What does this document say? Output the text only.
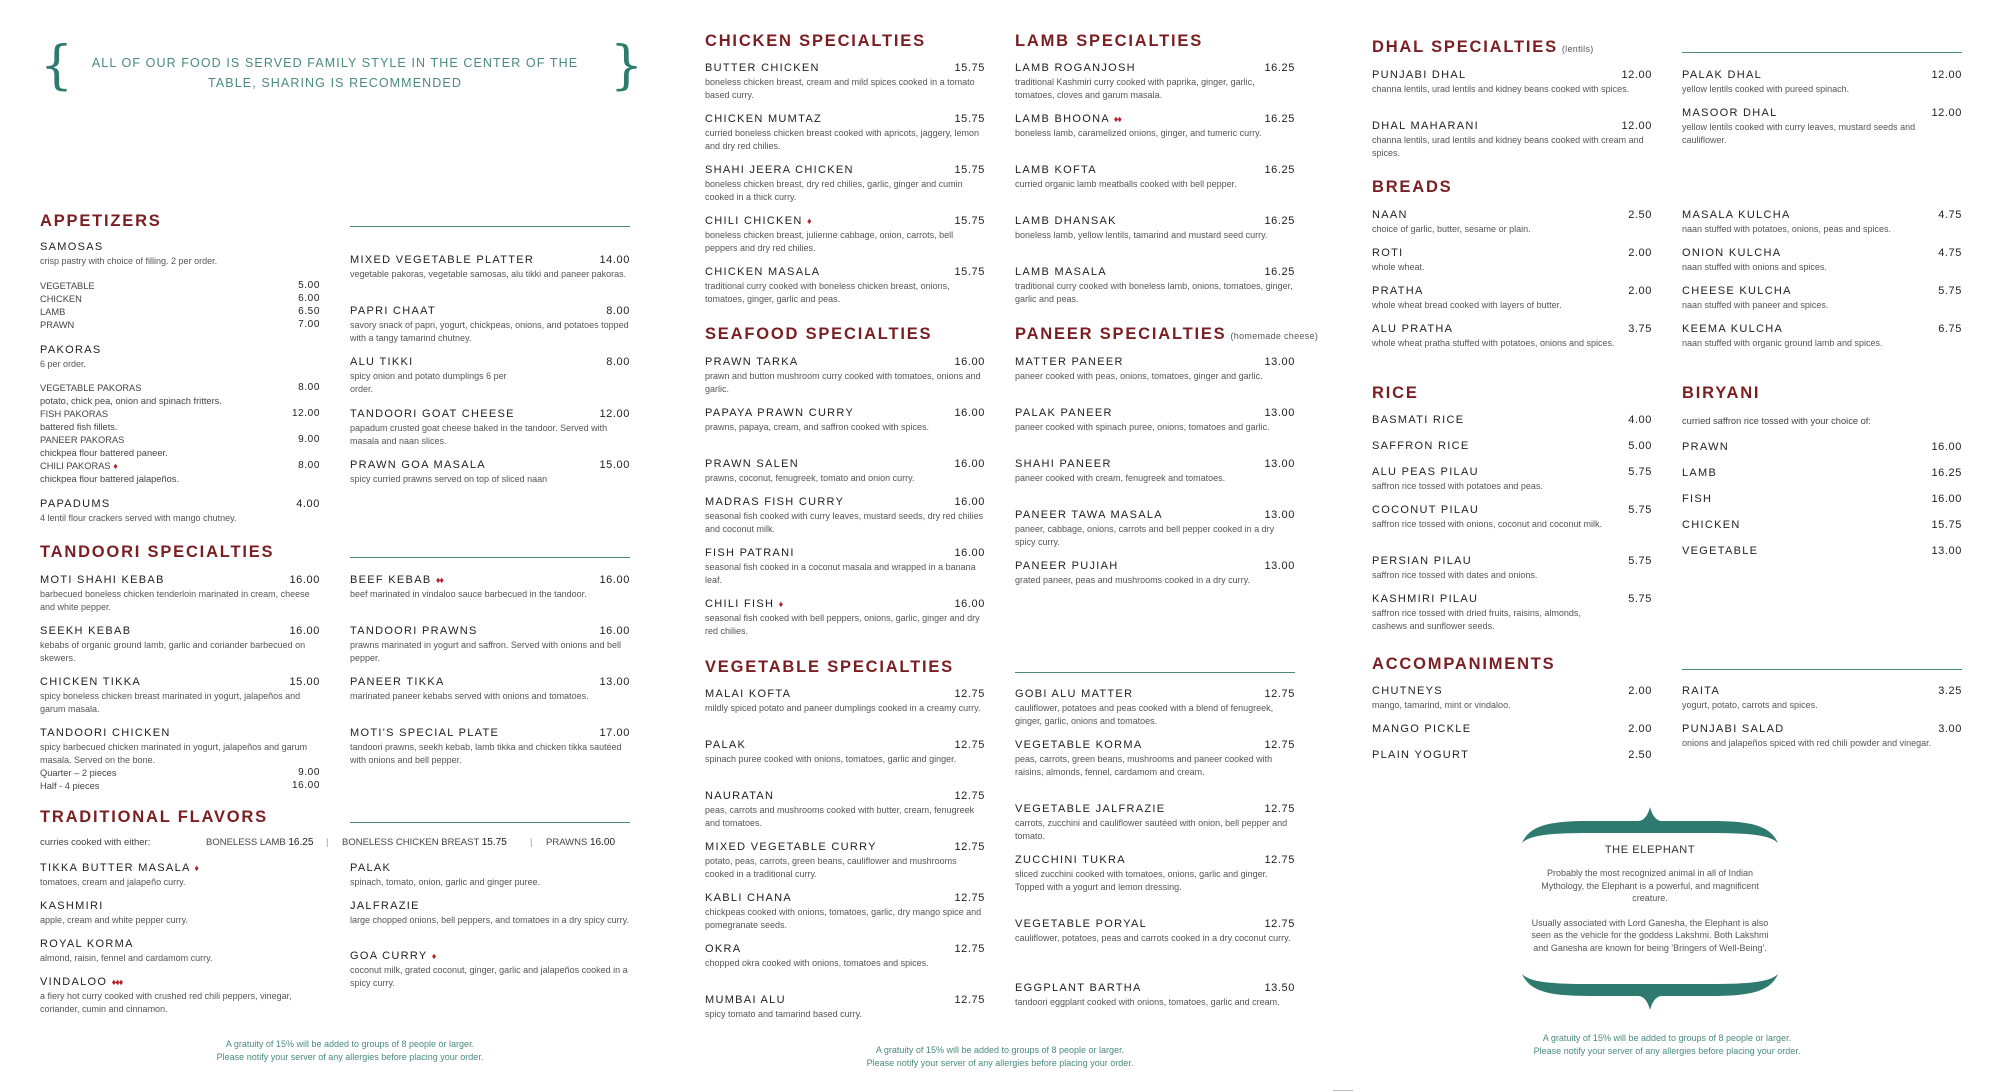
{	}
ALL OF OUR FOOD IS SERVED FAMILY STYLE IN THE CENTER OF THE TABLE, SHARING IS RECOMMENDED
APPETIZERS
SAMOSAS
crisp pastry with choice of filling. 2 per order.
VEGETABLE	5.00
CHICKEN	6.00
LAMB	6.50
PRAWN	7.00
PAKORAS
6 per order.
VEGETABLE PAKORAS	8.00
potato, chick pea, onion and spinach fritters.
FISH PAKORAS	12.00
battered fish fillets.
PANEER PAKORAS	9.00
chickpea flour battered paneer.
CHILI PAKORAS ♦	8.00
chickpea flour battered jalapeños.
PAPADUMS	4.00
4 lentil flour crackers served with mango chutney.
MIXED VEGETABLE PLATTER	14.00
vegetable pakoras, vegetable samosas, alu tikki and paneer pakoras.
PAPRI CHAAT	8.00
savory snack of papri, yogurt, chickpeas, onions, and potatoes topped with a tangy tamarind chutney.
ALU TIKKI	8.00
spicy onion and potato dumplings 6 per order.
TANDOORI GOAT CHEESE	12.00
papadum crusted goat cheese baked in the tandoor. Served with masala and naan slices.
PRAWN GOA MASALA	15.00
spicy curried prawns served on top of sliced naan
TANDOORI SPECIALTIES
MOTI SHAHI KEBAB	16.00
barbecued boneless chicken tenderloin marinated in cream, cheese and white pepper.
SEEKH KEBAB	16.00
kebabs of organic ground lamb, garlic and coriander barbecued on skewers.
CHICKEN TIKKA	15.00
spicy boneless chicken breast marinated in yogurt, jalapeños and garum masala.
TANDOORI CHICKEN
spicy barbecued chicken marinated in yogurt, jalapeños and garum masala. Served on the bone.
Quarter – 2 pieces	9.00
Half - 4 pieces	16.00
BEEF KEBAB ♦♦	16.00
beef marinated in vindaloo sauce barbecued in the tandoor.
TANDOORI PRAWNS	16.00
prawns marinated in yogurt and saffron. Served with onions and bell pepper.
PANEER TIKKA	13.00
marinated paneer kebabs served with onions and tomatoes.
MOTI'S SPECIAL PLATE	17.00
tandoori prawns, seekh kebab, lamb tikka and chicken tikka sautéed with onions and bell pepper.
TRADITIONAL FLAVORS
curries cooked with either:	BONELESS LAMB 16.25 | BONELESS CHICKEN BREAST 15.75 | PRAWNS 16.00
TIKKA BUTTER MASALA ♦
tomatoes, cream and jalapeño curry.
KASHMIRI
apple, cream and white pepper curry.
ROYAL KORMA
almond, raisin, fennel and cardamom curry.
VINDALOO ♦♦♦
a fiery hot curry cooked with crushed red chili peppers, vinegar, coriander, cumin and cinnamon.
PALAK
spinach, tomato, onion, garlic and ginger puree.
JALFRAZIE
large chopped onions, bell peppers, and tomatoes in a dry spicy curry.
GOA CURRY ♦
coconut milk, grated coconut, ginger, garlic and jalapeños cooked in a spicy curry.
A gratuity of 15% will be added to groups of 8 people or larger.
Please notify your server of any allergies before placing your order.
CHICKEN SPECIALTIES
BUTTER CHICKEN	15.75
boneless chicken breast, cream and mild spices cooked in a tomato based curry.
CHICKEN MUMTAZ	15.75
curried boneless chicken breast cooked with apricots, jaggery, lemon and dry red chilies.
SHAHI JEERA CHICKEN	15.75
boneless chicken breast, dry red chilies, garlic, ginger and cumin cooked in a thick curry.
CHILI CHICKEN ♦	15.75
boneless chicken breast, julienne cabbage, onion, carrots, bell peppers and dry red chilies.
CHICKEN MASALA	15.75
traditional curry cooked with boneless chicken breast, onions, tomatoes, ginger, garlic and peas.
LAMB SPECIALTIES
LAMB ROGANJOSH	16.25
traditional Kashmiri curry cooked with paprika, ginger, garlic, tomatoes, cloves and garum masala.
LAMB BHOONA ♦♦	16.25
boneless lamb, caramelized onions, ginger, and tumeric curry.
LAMB KOFTA	16.25
curried organic lamb meatballs cooked with bell pepper.
LAMB DHANSAK	16.25
boneless lamb, yellow lentils, tamarind and mustard seed curry.
LAMB MASALA	16.25
traditional curry cooked with boneless lamb, onions, tomatoes, ginger, garlic and peas.
SEAFOOD SPECIALTIES
PRAWN TARKA	16.00
prawn and button mushroom curry cooked with tomatoes, onions and garlic.
PAPAYA PRAWN CURRY	16.00
prawns, papaya, cream, and saffron cooked with spices.
PRAWN SALEN	16.00
prawns, coconut, fenugreek, tomato and onion curry.
MADRAS FISH CURRY	16.00
seasonal fish cooked with curry leaves, mustard seeds, dry red chilies and coconut milk.
FISH PATRANI	16.00
seasonal fish cooked in a coconut masala and wrapped in a banana leaf.
CHILI FISH ♦	16.00
seasonal fish cooked with bell peppers, onions, garlic, ginger and dry red chilies.
PANEER SPECIALTIES (homemade cheese)
MATTER PANEER	13.00
paneer cooked with peas, onions, tomatoes, ginger and garlic.
PALAK PANEER	13.00
paneer cooked with spinach puree, onions, tomatoes and garlic.
SHAHI PANEER	13.00
paneer cooked with cream, fenugreek and tomatoes.
PANEER TAWA MASALA	13.00
paneer, cabbage, onions, carrots and bell pepper cooked in a dry spicy curry.
PANEER PUJIAH	13.00
grated paneer, peas and mushrooms cooked in a dry curry.
VEGETABLE SPECIALTIES
MALAI KOFTA	12.75
mildly spiced potato and paneer dumplings cooked in a creamy curry.
PALAK	12.75
spinach puree cooked with onions, tomatoes, garlic and ginger.
NAURATAN	12.75
peas, carrots and mushrooms cooked with butter, cream, fenugreek and tomatoes.
MIXED VEGETABLE CURRY	12.75
potato, peas, carrots, green beans, cauliflower and mushrooms cooked in a traditional curry.
KABLI CHANA	12.75
chickpeas cooked with onions, tomatoes, garlic, dry mango spice and pomegranate seeds.
OKRA	12.75
chopped okra cooked with onions, tomatoes and spices.
MUMBAI ALU	12.75
spicy tomato and tamarind based curry.
GOBI ALU MATTER	12.75
cauliflower, potatoes and peas cooked with a blend of fenugreek, ginger, garlic, onions and tomatoes.
VEGETABLE KORMA	12.75
peas, carrots, green beans, mushrooms and paneer cooked with raisins, almonds, fennel, cardamom and cream.
VEGETABLE JALFRAZIE	12.75
carrots, zucchini and cauliflower sautéed with onion, bell pepper and tomato.
ZUCCHINI TUKRA	12.75
sliced zucchini cooked with tomatoes, onions, garlic and ginger. Topped with a yogurt and lemon dressing.
VEGETABLE PORYAL	12.75
cauliflower, potatoes, peas and carrots cooked in a dry coconut curry.
EGGPLANT BARTHA	13.50
tandoori eggplant cooked with onions, tomatoes, garlic and cream.
A gratuity of 15% will be added to groups of 8 people or larger.
Please notify your server of any allergies before placing your order.
DHAL SPECIALTIES (lentils)
PUNJABI DHAL	12.00
channa lentils, urad lentils and kidney beans cooked with spices.
DHAL MAHARANI	12.00
channa lentils, urad lentils and kidney beans cooked with cream and spices.
PALAK DHAL	12.00
yellow lentils cooked with pureed spinach.
MASOOR DHAL	12.00
yellow lentils cooked with curry leaves, mustard seeds and cauliflower.
BREADS
NAAN	2.50
choice of garlic, butter, sesame or plain.
ROTI	2.00
whole wheat.
PRATHA	2.00
whole wheat bread cooked with layers of butter.
ALU PRATHA	3.75
whole wheat pratha stuffed with potatoes, onions and spices.
MASALA KULCHA	4.75
naan stuffed with potatoes, onions, peas and spices.
ONION KULCHA	4.75
naan stuffed with onions and spices.
CHEESE KULCHA	5.75
naan stuffed with paneer and spices.
KEEMA KULCHA	6.75
naan stuffed with organic ground lamb and spices.
RICE
BASMATI RICE	4.00
SAFFRON RICE	5.00
ALU PEAS PILAU	5.75
saffron rice tossed with potatoes and peas.
COCONUT PILAU	5.75
saffron rice tossed with onions, coconut and coconut milk.
PERSIAN PILAU	5.75
saffron rice tossed with dates and onions.
KASHMIRI PILAU	5.75
saffron rice tossed with dried fruits, raisins, almonds, cashews and sunflower seeds.
BIRYANI
curried saffron rice tossed with your choice of:
PRAWN	16.00
LAMB	16.25
FISH	16.00
CHICKEN	15.75
VEGETABLE	13.00
ACCOMPANIMENTS
CHUTNEYS	2.00
mango, tamarind, mint or vindaloo.
MANGO PICKLE	2.00
PLAIN YOGURT	2.50
RAITA	3.25
yogurt, potato, carrots and spices.
PUNJABI SALAD	3.00
onions and jalapeños spiced with red chili powder and vinegar.
THE ELEPHANT
Probably the most recognized animal in all of Indian Mythology, the Elephant is a powerful, and magnificent creature.
Usually associated with Lord Ganesha, the Elephant is also seen as the vehicle for the goddess Lakshmi. Both Lakshmi and Ganesha are known for being 'Bringers of Well-Being'.
A gratuity of 15% will be added to groups of 8 people or larger.
Please notify your server of any allergies before placing your order.
